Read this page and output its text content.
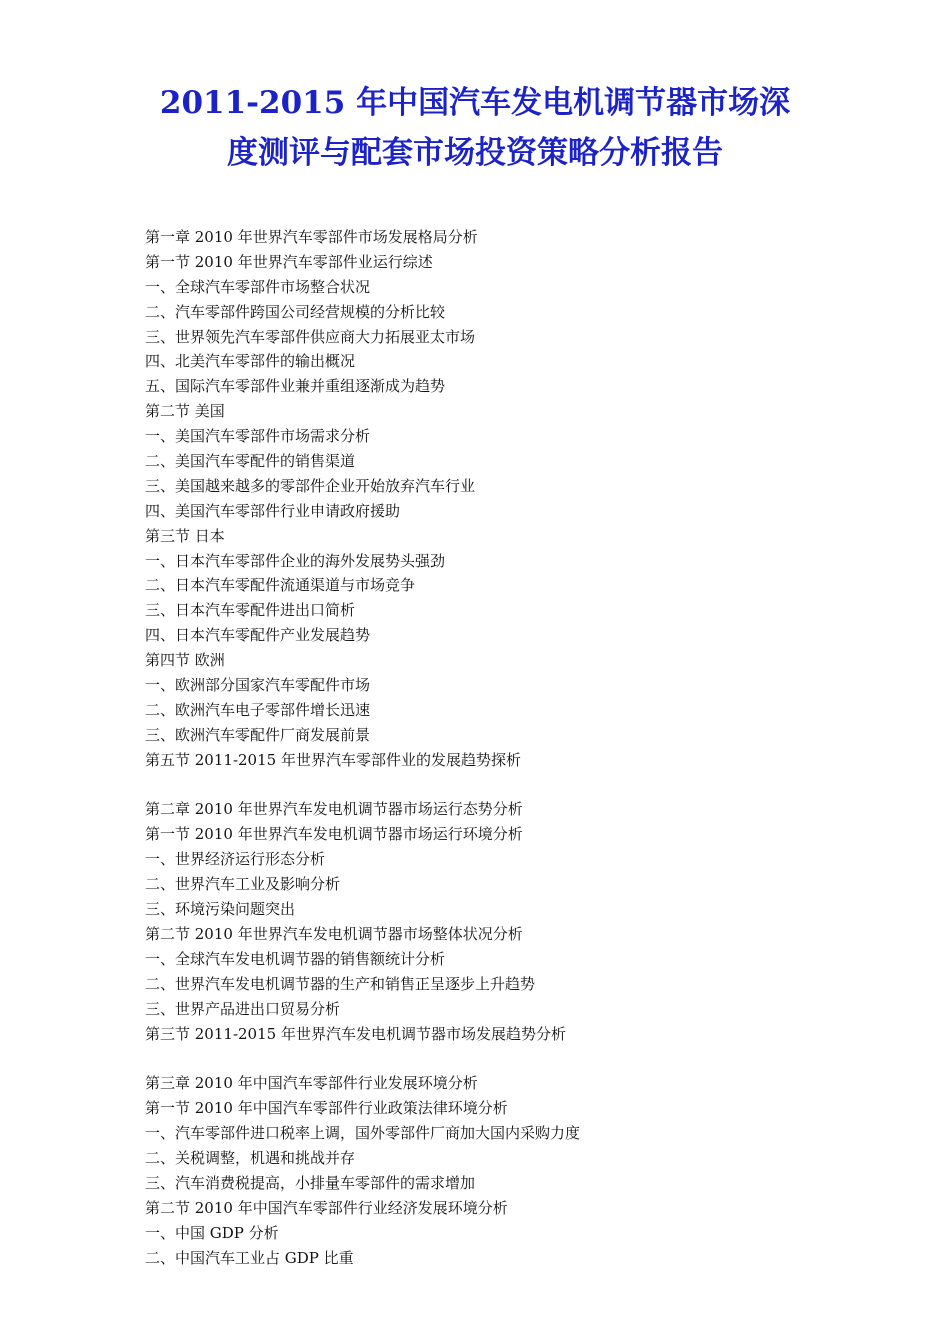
2011-2015 年中国汽车发电机调节器市场深
度测评与配套市场投资策略分析报告
第一章 2010 年世界汽车零部件市场发展格局分析
第一节 2010 年世界汽车零部件业运行综述
一、全球汽车零部件市场整合状况
二、汽车零部件跨国公司经营规模的分析比较
三、世界领先汽车零部件供应商大力拓展亚太市场
四、北美汽车零部件的输出概况
五、国际汽车零部件业兼并重组逐渐成为趋势
第二节 美国
一、美国汽车零部件市场需求分析
二、美国汽车零配件的销售渠道
三、美国越来越多的零部件企业开始放弃汽车行业
四、美国汽车零部件行业申请政府援助
第三节 日本
一、日本汽车零部件企业的海外发展势头强劲
二、日本汽车零配件流通渠道与市场竞争
三、日本汽车零配件进出口简析
四、日本汽车零配件产业发展趋势
第四节 欧洲
一、欧洲部分国家汽车零配件市场
二、欧洲汽车电子零部件增长迅速
三、欧洲汽车零配件厂商发展前景
第五节 2011-2015 年世界汽车零部件业的发展趋势探析
第二章 2010 年世界汽车发电机调节器市场运行态势分析
第一节 2010 年世界汽车发电机调节器市场运行环境分析
一、世界经济运行形态分析
二、世界汽车工业及影响分析
三、环境污染问题突出
第二节 2010 年世界汽车发电机调节器市场整体状况分析
一、全球汽车发电机调节器的销售额统计分析
二、世界汽车发电机调节器的生产和销售正呈逐步上升趋势
三、世界产品进出口贸易分析
第三节 2011-2015 年世界汽车发电机调节器市场发展趋势分析
第三章 2010 年中国汽车零部件行业发展环境分析
第一节 2010 年中国汽车零部件行业政策法律环境分析
一、汽车零部件进口税率上调，国外零部件厂商加大国内采购力度
二、关税调整，机遇和挑战并存
三、汽车消费税提高，小排量车零部件的需求增加
第二节 2010 年中国汽车零部件行业经济发展环境分析
一、中国 GDP 分析
二、中国汽车工业占 GDP 比重
